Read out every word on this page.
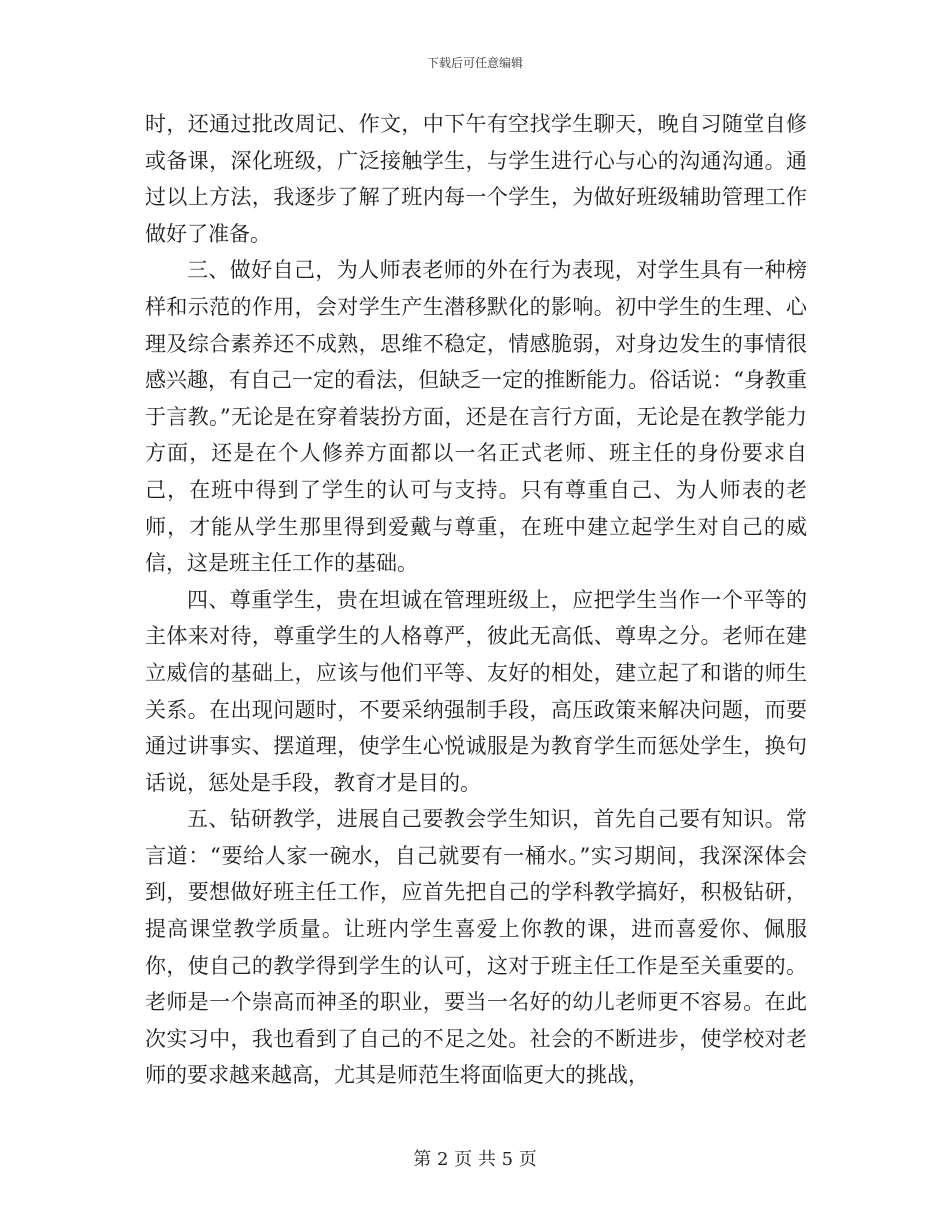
下载后可任意编辑

时，还通过批改周记、作文，中下午有空找学生聊天，晚自习随堂自修或备课，深化班级，广泛接触学生，与学生进行心与心的沟通沟通。通过以上方法，我逐步了解了班内每一个学生，为做好班级辅助管理工作做好了准备。

三、做好自己，为人师表老师的外在行为表现，对学生具有一种榜样和示范的作用，会对学生产生潜移默化的影响。初中学生的生理、心理及综合素养还不成熟，思维不稳定，情感脆弱，对身边发生的事情很感兴趣，有自己一定的看法，但缺乏一定的推断能力。俗话说：“身教重于言教。”无论是在穿着装扮方面，还是在言行方面，无论是在教学能力方面，还是在个人修养方面都以一名正式老师、班主任的身份要求自己，在班中得到了学生的认可与支持。只有尊重自己、为人师表的老师，才能从学生那里得到爱戴与尊重，在班中建立起学生对自己的威信，这是班主任工作的基础。

四、尊重学生，贵在坦诚在管理班级上，应把学生当作一个平等的主体来对待，尊重学生的人格尊严，彼此无高低、尊卑之分。老师在建立威信的基础上，应该与他们平等、友好的相处，建立起了和谐的师生关系。在出现问题时，不要采纳强制手段，高压政策来解决问题，而要通过讲事实、摆道理，使学生心悦诚服是为教育学生而惩处学生，换句话说，惩处是手段，教育才是目的。

五、钻研教学，进展自己要教会学生知识，首先自己要有知识。常言道：“要给人家一碗水，自己就要有一桶水。”实习期间，我深深体会到，要想做好班主任工作，应首先把自己的学科教学搞好，积极钻研，提高课堂教学质量。让班内学生喜爱上你教的课，进而喜爱你、佩服你，使自己的教学得到学生的认可，这对于班主任工作是至关重要的。老师是一个崇高而神圣的职业，要当一名好的幼儿老师更不容易。在此次实习中，我也看到了自己的不足之处。社会的不断进步，使学校对老师的要求越来越高，尤其是师范生将面临更大的挑战，

第 2 页 共 5 页
